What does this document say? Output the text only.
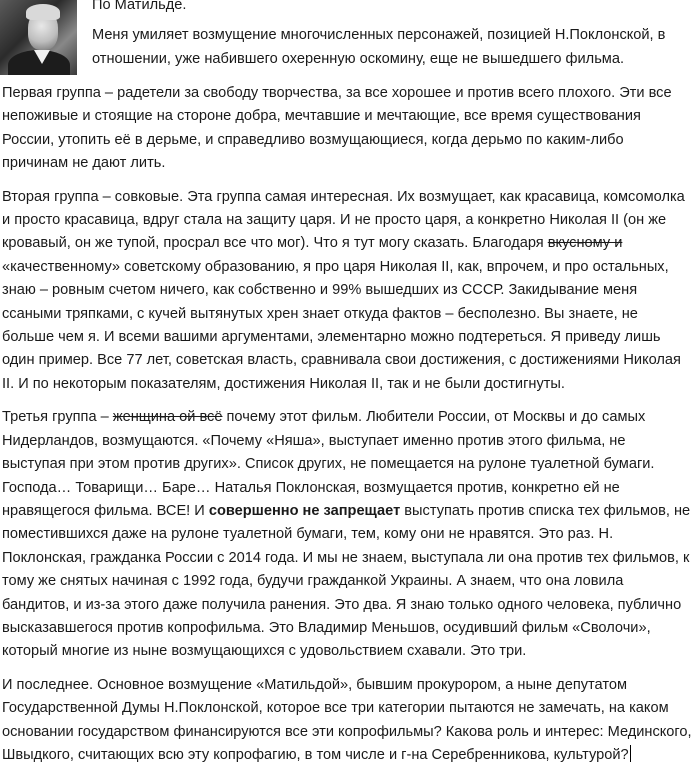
По Матильде.

Меня умиляет возмущение многочисленных персонажей, позицией Н.Поклонской, в отношении, уже набившего охеренную оскомину, еще не вышедшего фильма.

Первая группа – радетели за свободу творчества, за все хорошее и против всего плохого. Эти все непоживые и стоящие на стороне добра, мечтавшие и мечтающие, все время существования России, утопить её в дерьме, и справедливо возмущающиеся, когда дерьмо по каким-либо причинам не дают лить.

Вторая группа – совковые. Эта группа самая интересная. Их возмущает, как красавица, комсомолка и просто красавица, вдруг стала на защиту царя. И не просто царя, а конкретно Николая II (он же кровавый, он же тупой, просрал все что мог). Что я тут могу сказать. Благодаря вкусному и «качественному» советскому образованию, я про царя Николая II, как, впрочем, и про остальных, знаю – ровным счетом ничего, как собственно и 99% вышедших из СССР. Закидывание меня ссаными тряпками, с кучей вытянутых хрен знает откуда фактов – бесполезно. Вы знаете, не больше чем я. И всеми вашими аргументами, элементарно можно подтереться. Я приведу лишь один пример. Все 77 лет, советская власть, сравнивала свои достижения, с достижениями Николая II. И по некоторым показателям, достижения Николая II, так и не были достигнуты.

Третья группа – женщина ой всё почему этот фильм. Любители России, от Москвы и до самых Нидерландов, возмущаются. «Почему «Няша», выступает именно против этого фильма, не выступая при этом против других». Список других, не помещается на рулоне туалетной бумаги. Господа… Товарищи… Баре… Наталья Поклонская, возмущается против, конкретно ей не нравящегося фильма. ВСЕ! И совершенно не запрещает выступать против списка тех фильмов, не поместившихся даже на рулоне туалетной бумаги, тем, кому они не нравятся. Это раз. Н. Поклонская, гражданка России с 2014 года. И мы не знаем, выступала ли она против тех фильмов, к тому же снятых начиная с 1992 года, будучи гражданкой Украины. А знаем, что она ловила бандитов, и из-за этого даже получила ранения. Это два. Я знаю только одного человека, публично высказавшегося против копрофильма. Это Владимир Меньшов, осудивший фильм «Сволочи», который многие из ныне возмущающихся с удовольствием схавали. Это три.

И последнее. Основное возмущение «Матильдой», бывшим прокурором, а ныне депутатом Государственной Думы Н.Поклонской, которое все три категории пытаются не замечать, на каком основании государством финансируются все эти копрофильмы? Какова роль и интерес: Мединского, Швыдкого, считающих всю эту копрофагию, в том числе и г-на Серебренникова, культурой?
